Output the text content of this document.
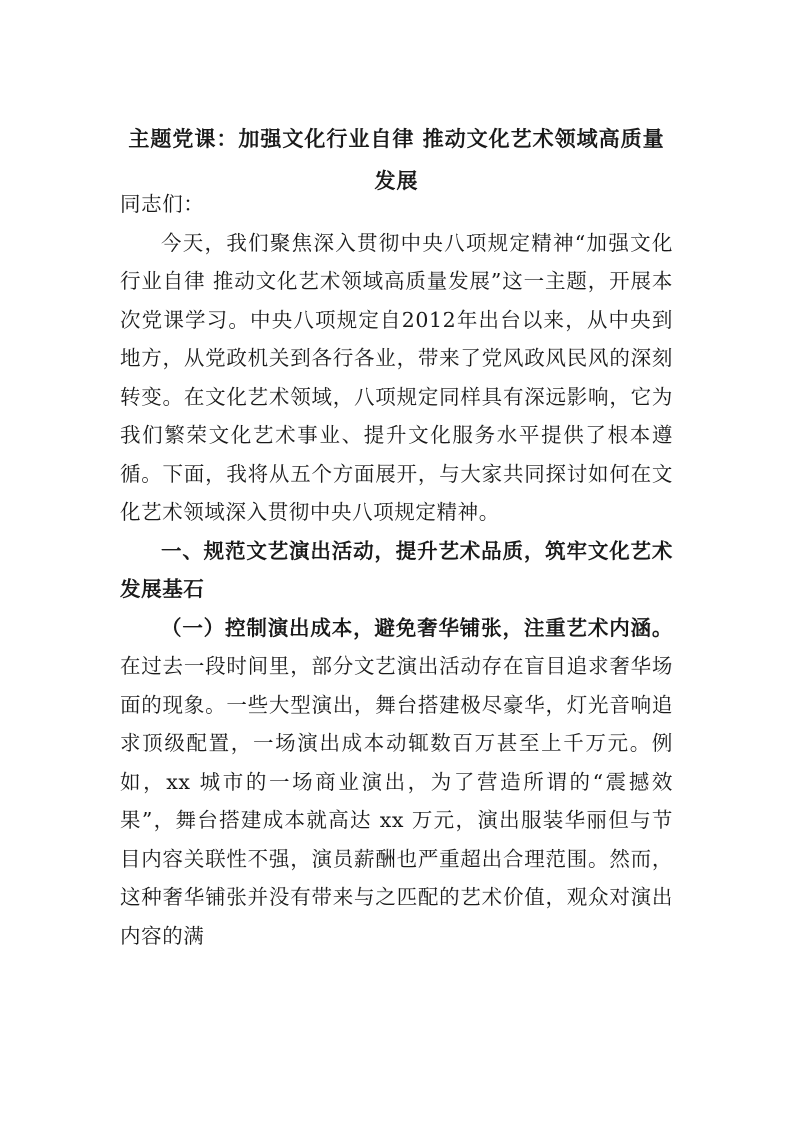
主题党课：加强文化行业自律 推动文化艺术领域高质量发展

同志们：

今天，我们聚焦深入贯彻中央八项规定精神“加强文化行业自律 推动文化艺术领域高质量发展”这一主题，开展本次党课学习。中央八项规定自2012年出台以来，从中央到地方，从党政机关到各行各业，带来了党风政风民风的深刻转变。在文化艺术领域，八项规定同样具有深远影响，它为我们繁荣文化艺术事业、提升文化服务水平提供了根本遵循。下面，我将从五个方面展开，与大家共同探讨如何在文化艺术领域深入贯彻中央八项规定精神。

一、规范文艺演出活动，提升艺术品质，筑牢文化艺术发展基石

（一）控制演出成本，避免奢华铺张，注重艺术内涵。在过去一段时间里，部分文艺演出活动存在盲目追求奢华场面的现象。一些大型演出，舞台搭建极尽豪华，灯光音响追求顶级配置，一场演出成本动辄数百万甚至上千万元。例如，xx 城市的一场商业演出，为了营造所谓的“震撼效果”，舞台搭建成本就高达 xx 万元，演出服装华丽但与节目内容关联性不强，演员薪酬也严重超出合理范围。然而，这种奢华铺张并没有带来与之匹配的艺术价值，观众对演出内容的满
